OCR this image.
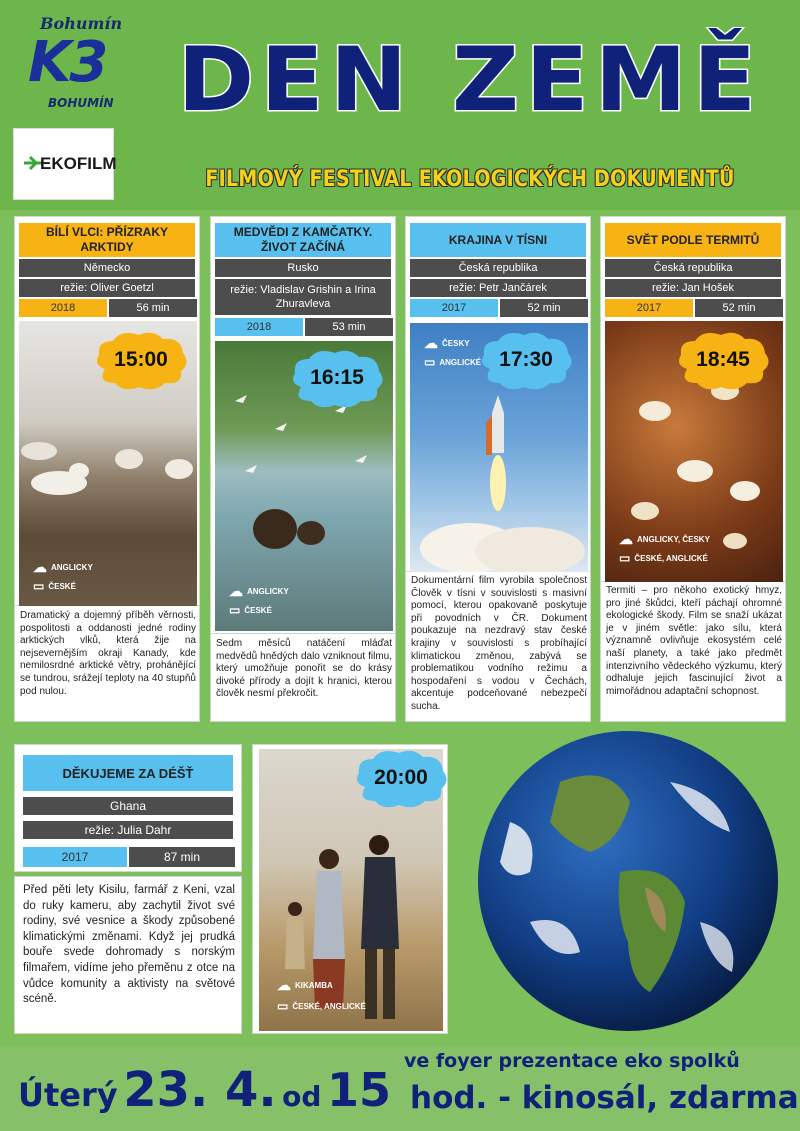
Bohumín
K3
BOHUMÍN
EKOFILM
DEN ZEMĚ
FILMOVÝ FESTIVAL EKOLOGICKÝCH DOKUMENTŮ
BÍLÍ VLCI: PŘÍZRAKY ARKTIDY
Německo
režie: Oliver Goetzl
2018	56 min
15:00
☁ ANGLICKY
▭ ČESKÉ
Dramatický a dojemný příběh věrnosti, pospolitosti a oddanosti jedné rodiny arktických vlků, která žije na nejsevernějším okraji Kanady, kde nemilosrdné arktické větry, prohánějící se tundrou, srážejí teploty na 40 stupňů pod nulou.
MEDVĚDI Z KAMČATKY. ŽIVOT ZAČÍNÁ
Rusko
režie: Vladislav Grishin a Irina Zhuravleva
2018	53 min
16:15
☁ ANGLICKY
▭ ČESKÉ
Sedm měsíců natáčení mláďat medvědů hnědých dalo vzniknout filmu, který umožňuje ponořit se do krásy divoké přírody a dojít k hranici, kterou člověk nesmí překročit.
KRAJINA V TÍSNI
Česká republika
režie: Petr Jančárek
2017	52 min
17:30
☁ ČESKY
▭ ANGLICKÉ
Dokumentární film vyrobila společnost Člověk v tísni v souvislosti s masivní pomocí, kterou opakovaně poskytuje při povodních v ČR. Dokument poukazuje na nezdravý stav české krajiny v souvislosti s probíhající klimatickou změnou, zabývá se problematikou vodního režimu a hospodaření s vodou v Čechách, akcentuje podceňované nebezpečí sucha.
SVĚT PODLE TERMITŮ
Česká republika
režie: Jan Hošek
2017	52 min
18:45
☁ ANGLICKY, ČESKY
▭ ČESKÉ, ANGLICKÉ
Termiti – pro někoho exotický hmyz, pro jiné škůdci, kteří páchají ohromné ekologické škody. Film se snaží ukázat je v jiném světle: jako sílu, která významně ovlivňuje ekosystém celé naší planety, a také jako předmět intenzivního vědeckého výzkumu, který odhaluje jejich fascinující život a mimořádnou adaptační schopnost.
DĚKUJEME ZA DÉŠŤ
Ghana
režie: Julia Dahr
2017	87 min
Před pěti lety Kisilu, farmář z Keni, vzal do ruky kameru, aby zachytil život své rodiny, své vesnice a škody způsobené klimatickými změnami. Když jej prudká bouře svede dohromady s norským filmařem, vidíme jeho přeměnu z otce na vůdce komunity a aktivisty na světové scéně.
20:00
☁ KIKAMBA
▭ ČESKÉ, ANGLICKÉ
ve foyer prezentace eko spolků
Úterý 23. 4. od 15 hod. - kinosál, zdarma
